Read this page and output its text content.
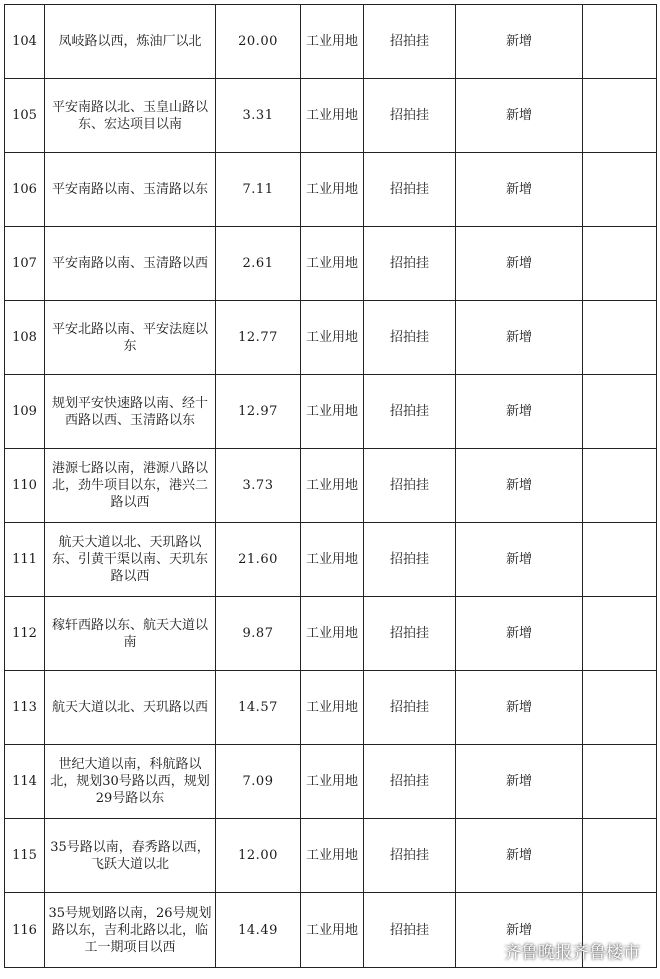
104	凤岐路以西，炼油厂以北	20.00	工业用地	招拍挂	新增	
105	平安南路以北、玉皇山路以东、宏达项目以南	3.31	工业用地	招拍挂	新增	
106	平安南路以南、玉清路以东	7.11	工业用地	招拍挂	新增	
107	平安南路以南、玉清路以西	2.61	工业用地	招拍挂	新增	
108	平安北路以南、平安法庭以东	12.77	工业用地	招拍挂	新增	
109	规划平安快速路以南、经十西路以西、玉清路以东	12.97	工业用地	招拍挂	新增	
110	港源七路以南，港源八路以北，劲牛项目以东，港兴二路以西	3.73	工业用地	招拍挂	新增	
111	航天大道以北、天玑路以东、引黄干渠以南、天玑东路以西	21.60	工业用地	招拍挂	新增	
112	稼轩西路以东、航天大道以南	9.87	工业用地	招拍挂	新增	
113	航天大道以北、天玑路以西	14.57	工业用地	招拍挂	新增	
114	世纪大道以南，科航路以北，规划30号路以西，规划29号路以东	7.09	工业用地	招拍挂	新增	
115	35号路以南，春秀路以西，飞跃大道以北	12.00	工业用地	招拍挂	新增	
116	35号规划路以南，26号规划路以东，吉利北路以北，临工一期项目以西	14.49	工业用地	招拍挂	新增	
齐鲁晚报齐鲁楼市
